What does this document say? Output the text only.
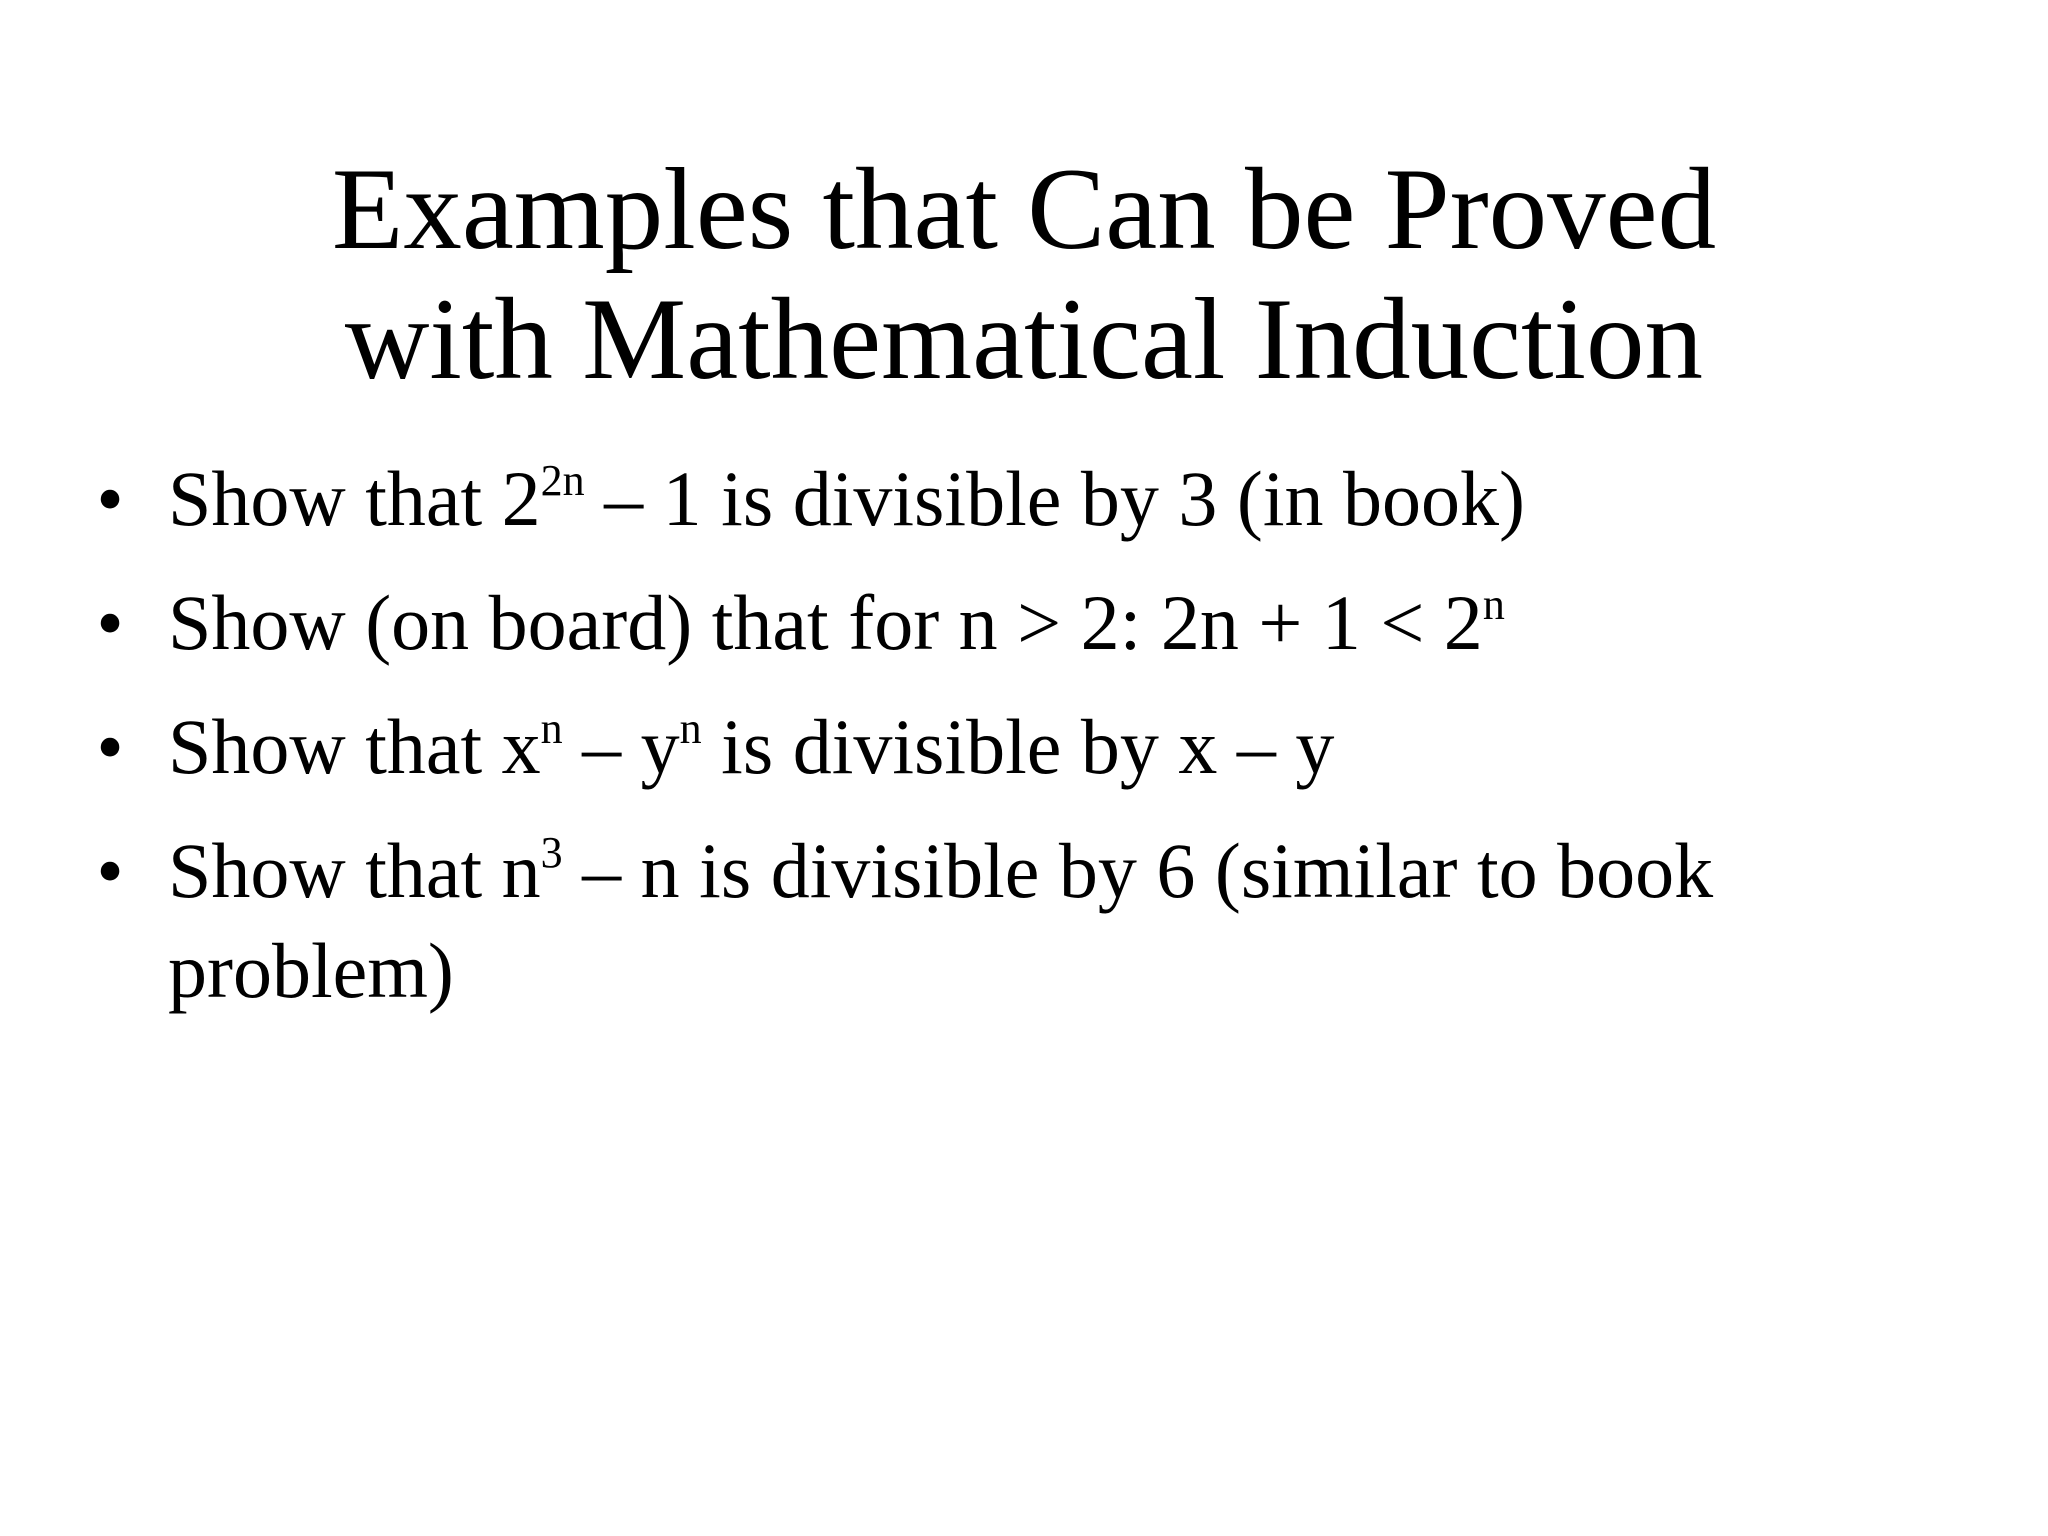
Examples that Can be Proved
with Mathematical Induction
• Show that $2^{2n} - 1$ is divisible by 3 (in book)
• Show (on board) that for n > 2: $2n + 1 < 2^n$
• Show that $x^n - y^n$ is divisible by x – y
• Show that $n^3$ – n is divisible by 6 (similar to book problem)
